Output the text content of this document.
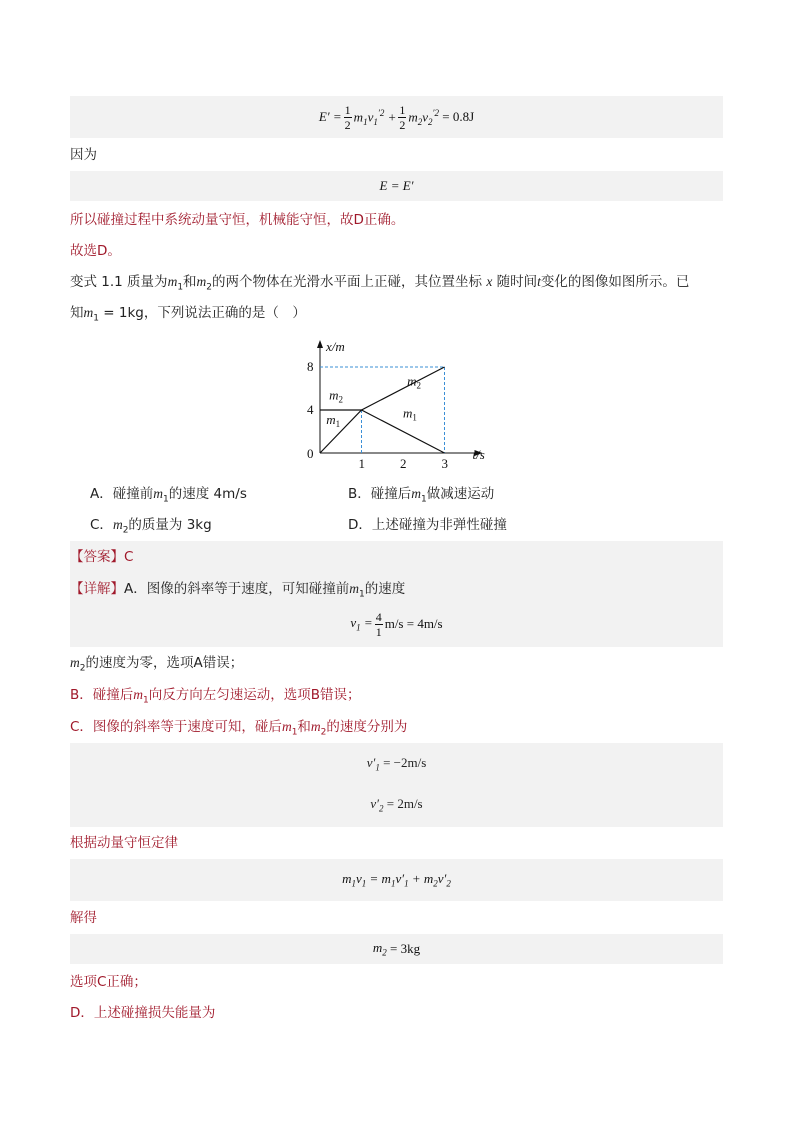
$E' = \frac{1}{2} m_1v_1^{'2} + \frac{1}{2} m_2v_2^{'2}$
= 0.8J
因为
E
= E′
所以碰撞过程中系统动量守恒，机械能守恒，故D正确。
故选D。
变式 1.1 质量为$m_1$和$m_2$的两个物体在光滑水平面上正碰，其位置坐标 x 随时间t变化的图像如图所示。已
知$m_1 = 1kg$，下列说法正确的是（　）
x/m
t/s
0
1	2	3
4
8
$m_2$
$m_1$
$m_2$
$m_1$
A．碰撞前$m_1$的速度 4m/s	B．碰撞后$m_1$做减速运动
C．$m_2$的质量为 3kg	D．上述碰撞为非弹性碰撞
【答案】C
【详解】A．图像的斜率等于速度，可知碰撞前$m_1$的速度
$v_1 = \frac{4}{1} m/s = 4m/s$
$m_2$的速度为零，选项A错误；
B．碰撞后$m_1$向反方向左匀速运动，选项B错误；
C．图像的斜率等于速度可知，碰后$m_1$和$m_2$的速度分别为
$v'_1 = -2m/s$
$v'_2 = 2m/s$
根据动量守恒定律
$m_1v_1 = m_1v'_1 + m_2v'_2$
解得
$m_2$
= 3kg
选项C正确；
D．上述碰撞损失能量为
